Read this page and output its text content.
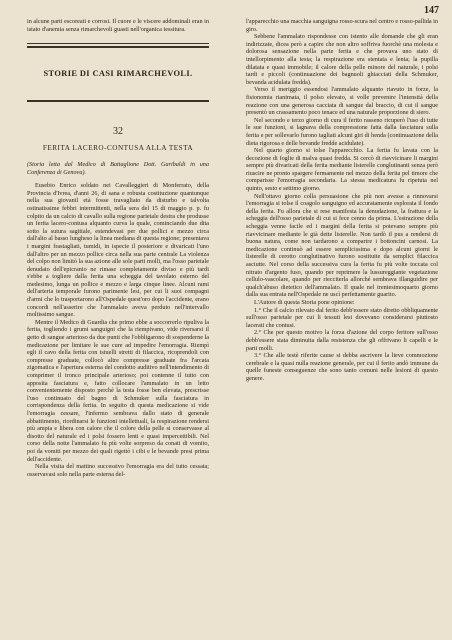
147

in alcune parti escoreati e corrosi. Il cuore e le viscere addominali eran in istato d'anemia senza rimarchevoli guasti nell'organica tessitura.

STORIE DI CASI RIMARCHEVOLI.
32
FERITA LACERO-CONTUSA ALLA TESTA

(Storia letta dal Medico di Battaglione Dott. Garibaldi in una Conferenza di Genova).

Eusebio Enrico soldato nei Cavalleggieri di Monferrato, della Provincia d'Ivrea, d'anni 26, di sana e robusta costituzione quantunque nella sua giovanil età fosse travagliato da disturbo e talvolta ostinatissime febbri intermittenti, nella sera del 15 di maggio p. p. fu colpito da un calcio di cavallo sulla regione parietale destra che produsse un ferita lacero-contusa alquanto curva la quale, cominciando due dita sotto la sutura sagittale, estendevasi per due pollici e mezzo circa dall'alto al basso lungheso la linea mediana di questa regione; presentava i margini frastagliati, tumidi, in ispecie il posteriore e divaricati l'uno dall'altro per un mezzo pollice circa nella sua parte centrale La violenza del colpo non limitò la sua azione alle sole parti molli, ma l'osso parietale denudato dell'epicranio ne rimase completamente diviso e più tardi s'ebbe a togliere dalla ferita una scheggia del tavolato esterno del medesimo, lunga un pollice e mezzo e larga cinque linee. Alcuni rami dell'arteria temporale furono parimente lesi, per cui li suoi compagni d'armi che lo trasportarono all'Ospedale quest'oro dopo l'accidente, erano concordi nell'asserire che l'ammalato aveva perduto nell'intervallo moltissimo sangue.

Mentre il Medico di Guardia che primo ebbe a soccorrerlo ripuliva la ferita, togliendo i grumi sanguigni che la riempivano, vide riversarsi il getto di sangue arterioso da due punti che l'obbligarono di sospenderne la medicazione per limitare le sue cure ad impedire l'emorragia. Riempì egli il cavo della ferita con istuelli stretti di filaccica, ricoprendoli con compresse graduate, collocò altre compresse graduate fra l'arcata zigomatica e l'apertura esterna del condotto auditivo nell'intendimento di comprimer il tronco principale arterioso; poi contenne il tutto con apposita fasciatura e, fatto collocare l'ammalato in un letto convenientemente disposto perchè la testa fosse ben elevata, prescrisse l'uso continuato del bagno di Schmuker sulla fasciatura in corrispondenza della ferita. In seguito di questa medicazione si vide l'emorragia cessare, l'infermo sembrava dallo stato di generale abbattimento, riordinarsi le funzioni intellettuali, la respirazione rendersi più ampia e libera con calore che il colore della pelle si conservasse al disotto del naturale ed i polsi fossero lenti e quasi impercettibili. Nel corso della notte l'ammalato fu più volte sorpreso da conati di vomito, poi da vomiti per mezzo dei quali rigettò i cibi e le bevande presi prima dell'accidente.

Nella visita del mattino successivo l'emorragia era del tutto cessata; osservavasi solo nella parte esterna del-

l'apparecchio una macchia sanguigna rosso-scura nel centro e rosso-pallida in giro.

Sebbene l'ammalato rispondesse con istento alle domande che gli eran indirizzate, dicea però a capire che non altro soffriva fuorchè una molesta e dolorosa sensazione nella parte ferita e che provava uno stato di intellorpimento alla testa; la respirazione era stentata e lenta; la pupilla dilatata e quasi immobile; il calore della pelle minore del naturale, i polsi tardi e piccoli (continuazione dei bagnuoli ghiacciati della Schmuker, bevanda acidulata fredda).

Verso il meriggio essendosi l'ammalato alquanto riavuto in forze, la fisionomia rianimata, il polso elevato, si volle prevenire l'intensità della reazione con una generosa cacciata di sangue dal braccio, di cui il sangue presentò un crassamento poco tenace ed una naturale proporzione di siero.

Nel secondo e terzo giorno di cura il ferito rasseno ricuperò l'uso di tutte le sue funzioni, si lagnava della compressione fatta dalla fasciatura sulla ferita e per sollevarlo furono tagliati alcuni giri di benda (continuazione della dieta rigorosa e delle bevande fredde acidulate).

Nel quarto giorno si tolse l'apparecchio. La ferita fu lavata con la decozione di foglie di malva quasi fredda. Si cercò di riavvicinare li margini sempre più divaricati della ferita mediante listerelle conglutinanti senza però riuscire ne pronto spargere fermamente nel mezzo della ferita pel timore che comparisse l'emorragia secondaria. La stessa medicatura fu ripetuta nel quinto, sesto e settimo giorno.

Nell'ottavo giorno colla persuasione che più non avesse a rinnovarsi l'emorragia si tolse il coagolo sanguigno ed accuratamente esplorata il fondo della ferita. Fu allora che si rese manifesta la denudazione, la frattura e la scheggia dell'osso parietale di cui si fece cenno da prima. L'estrazione della scheggia venne facile ed i margini della ferita si potevano sempre più riavvicinare mediante le già dette listerelle. Non tardò il pus a rendersi di buona natura, come non tardarono a comparire i bottoncini carnosi. La medicazione continuò ad essere semplicissima e dopo alcuni giorni le listerelle di cerotto conglutinativo furono sostituite da semplici filaccica asciutte. Nel corso della successiva cura la ferita fu più volte toccata col nitrato d'argento fuso, quando per reprimere la lussureggiante vegetazione cellulo-vascolare, quando per riecciterla allorché sembrava illanguidire per qualch'abuso dietetico dell'ammalato. Il quale nel trentesimoquarto giorno dalla sua entrata nell'Ospedale ne uscì perfettamente guarito.

L'Autore di questa Storia pone opinione:

1.° Che il calcio rilevato dal ferito debb'essere stato diretto obbliquamente sull'osso parietale per cui li tessuti lesi dovevano considerarsi piuttosto lacerati che contusi.

2.° Che per questo motivo la forza d'azione del corpo feritore sull'osso debb'essere stata diminuita dalla resistenza che gli offrivano li capelli e le parti molli.

3.° Che alle testè riferite cause si debba ascrivere la lieve commozione cerebrale e la quasi nulla reazione generale, per cui il ferito andò immune da quelle funeste conseguenze che sono tanto comuni nelle lesioni di questo genere.
